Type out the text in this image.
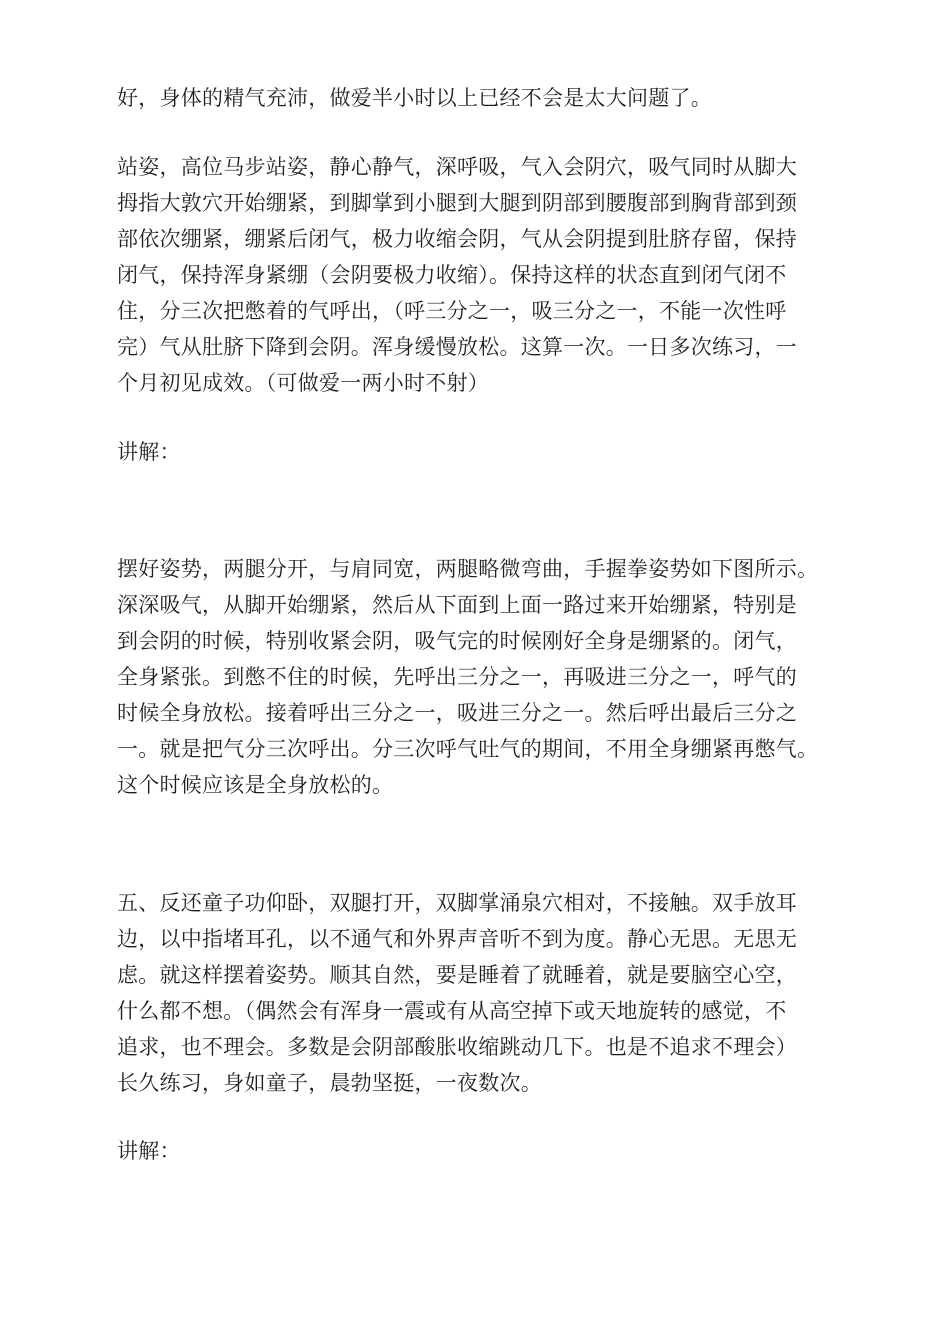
好，身体的精气充沛，做爱半小时以上已经不会是太大问题了。
站姿，高位马步站姿，静心静气，深呼吸，气入会阴穴，吸气同时从脚大
拇指大敦穴开始绷紧，到脚掌到小腿到大腿到阴部到腰腹部到胸背部到颈
部依次绷紧，绷紧后闭气，极力收缩会阴，气从会阴提到肚脐存留，保持
闭气，保持浑身紧绷（会阴要极力收缩）。保持这样的状态直到闭气闭不
住，分三次把憋着的气呼出，（呼三分之一，吸三分之一，不能一次性呼
完）气从肚脐下降到会阴。浑身缓慢放松。这算一次。一日多次练习，一
个月初见成效。（可做爱一两小时不射）
讲解：
摆好姿势，两腿分开，与肩同宽，两腿略微弯曲，手握拳姿势如下图所示。
深深吸气，从脚开始绷紧，然后从下面到上面一路过来开始绷紧，特别是
到会阴的时候，特别收紧会阴，吸气完的时候刚好全身是绷紧的。闭气，
全身紧张。到憋不住的时候，先呼出三分之一，再吸进三分之一，呼气的
时候全身放松。接着呼出三分之一，吸进三分之一。然后呼出最后三分之
一。就是把气分三次呼出。分三次呼气吐气的期间，不用全身绷紧再憋气。
这个时候应该是全身放松的。
五、反还童子功仰卧，双腿打开，双脚掌涌泉穴相对，不接触。双手放耳
边，以中指堵耳孔，以不通气和外界声音听不到为度。静心无思。无思无
虑。就这样摆着姿势。顺其自然，要是睡着了就睡着，就是要脑空心空，
什么都不想。（偶然会有浑身一震或有从高空掉下或天地旋转的感觉，不
追求，也不理会。多数是会阴部酸胀收缩跳动几下。也是不追求不理会）
长久练习，身如童子，晨勃坚挺，一夜数次。
讲解：
